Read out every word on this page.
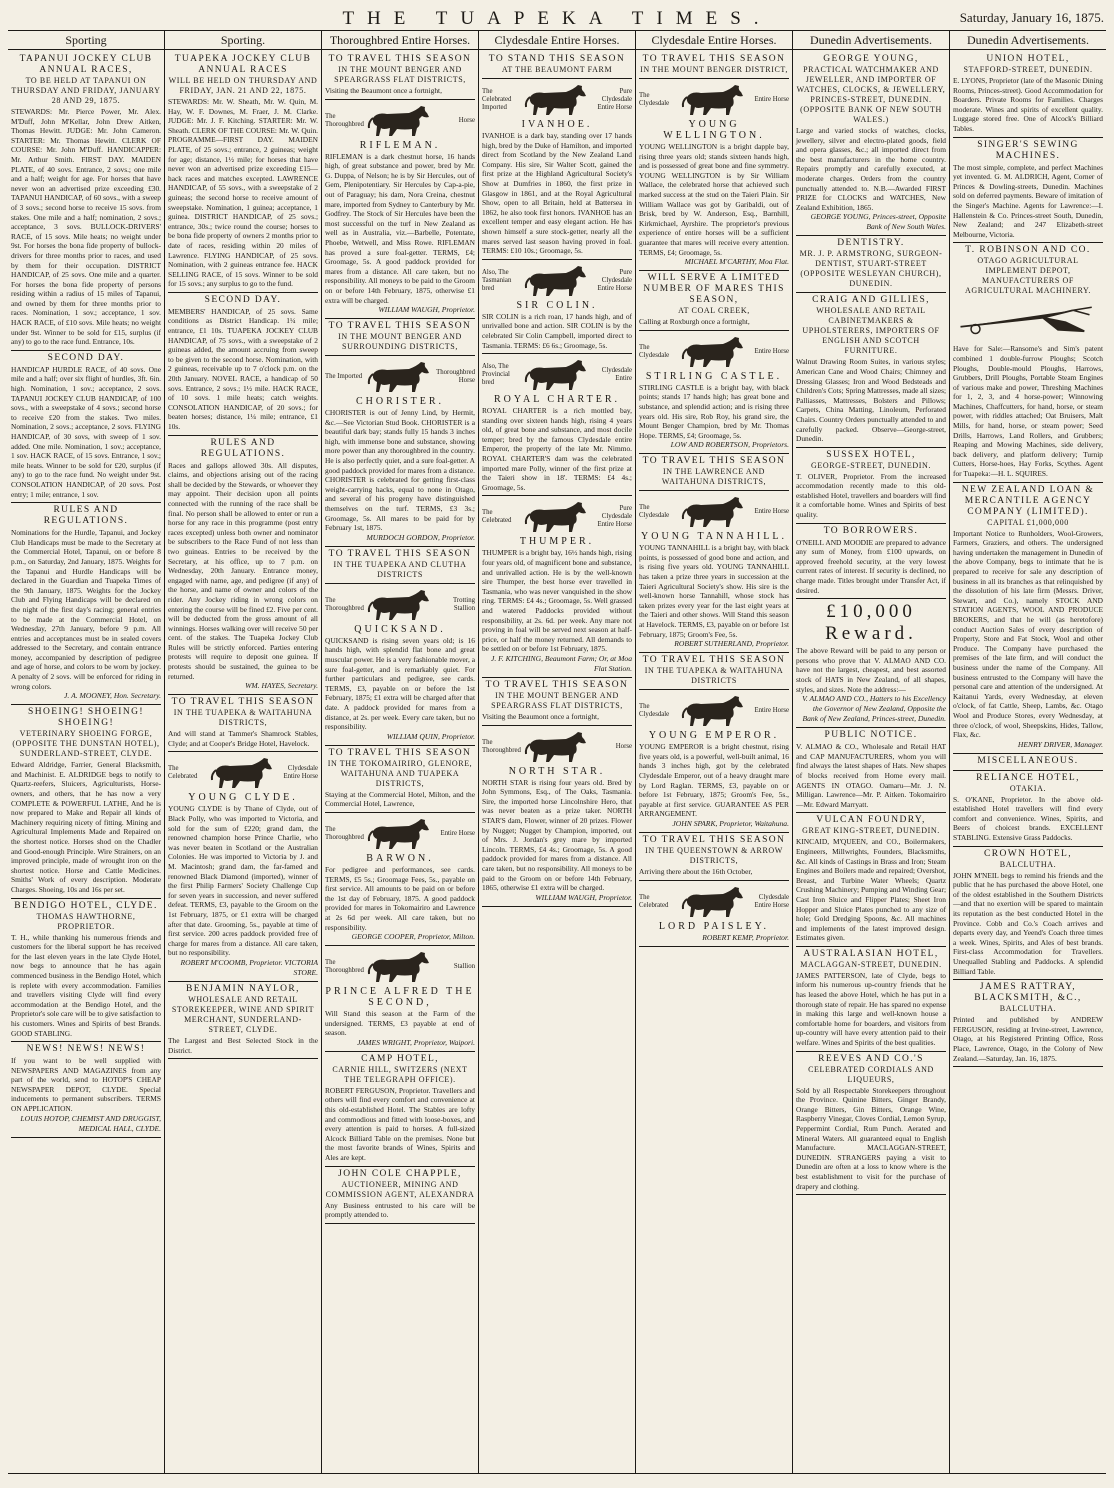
THE TUAPEKA TIMES.	Saturday, January 16, 1875.
Sporting
TAPANUI JOCKEY CLUB ANNUAL RACES,
TO BE HELD AT TAPANUI ON THURSDAY AND FRIDAY, JANUARY 28 AND 29, 1875.
STEWARDS: Mr. Pierce Power, Mr. Alex. M'Duff, John M'Kellar, John Drew Aitken, Thomas Hewitt. JUDGE: Mr. John Cameron. STARTER: Mr. Thomas Hewitt. CLERK OF COURSE: Mr. John M'Duff. HANDICAPPER: Mr. Arthur Smith. FIRST DAY. MAIDEN PLATE, of 40 sovs. Entrance, 2 sovs.; one mile and a half; weight for age. For horses that have never won an advertised prize exceeding £30. TAPANUI HANDICAP, of 60 sovs., with a sweep of 3 sovs.; second horse to receive 15 sovs. from stakes. One mile and a half; nomination, 2 sovs.; acceptance, 3 sovs. BULLOCK-DRIVERS' RACE, of 15 sovs. Mile heats; no weight under 9st. For horses the bona fide property of bullock-drivers for three months prior to races, and used by them for their occupation. DISTRICT HANDICAP, of 25 sovs. One mile and a quarter. For horses the bona fide property of persons residing within a radius of 15 miles of Tapanui, and owned by them for three months prior to races. Nomination, 1 sov.; acceptance, 1 sov. HACK RACE, of £10 sovs. Mile heats; no weight under 9st. Winner to be sold for £15, surplus (if any) to go to the race fund. Entrance, 10s.
SECOND DAY.
HANDICAP HURDLE RACE, of 40 sovs. One mile and a half; over six flight of hurdles, 3ft. 6in. high. Nomination, 1 sov.; acceptance, 2 sovs. TAPANUI JOCKEY CLUB HANDICAP, of 100 sovs., with a sweepstake of 4 sovs.; second horse to receive £20 from the stakes. Two miles. Nomination, 2 sovs.; acceptance, 2 sovs. FLYING HANDICAP, of 30 sovs, with sweep of 1 sov. added. One mile. Nomination, 1 sov.; acceptance, 1 sov. HACK RACE, of 15 sovs. Entrance, 1 sov.; mile heats. Winner to be sold for £20, surplus (if any) to go to the race fund. No weight under 9st. CONSOLATION HANDICAP, of 20 sovs. Post entry; 1 mile; entrance, 1 sov.
RULES AND REGULATIONS.
Nominations for the Hurdle, Tapanui, and Jockey Club Handicaps must be made to the Secretary at the Commercial Hotel, Tapanui, on or before 8 p.m., on Saturday, 2nd January, 1875. Weights for the Tapanui and Hurdle Handicaps will be declared in the Guardian and Tuapeka Times of the 9th January, 1875. Weights for the Jockey Club and Flying Handicaps will be declared on the night of the first day's racing; general entries to be made at the Commercial Hotel, on Wednesday, 27th January, before 9 p.m. All entries and acceptances must be in sealed covers addressed to the Secretary, and contain entrance money, accompanied by description of pedigree and age of horse, and colors to be worn by jockey. A penalty of 2 sovs. will be enforced for riding in wrong colors.
J. A. MOONEY, Hon. Secretary.
SHOEING! SHOEING! SHOEING!
VETERINARY SHOEING FORGE, (OPPOSITE THE DUNSTAN HOTEL), SUNDERLAND-STREET, CLYDE.
Edward Aldridge, Farrier, General Blacksmith, and Machinist. E. ALDRIDGE begs to notify to Quartz-reefers, Sluicers, Agriculturists, Horse-owners, and others, that he has now a very COMPLETE & POWERFUL LATHE, And he is now prepared to Make and Repair all kinds of Machinery requiring nicety of fitting. Mining and Agricultural Implements Made and Repaired on the shortest notice. Horses shod on the Chadler and Good-enough Principle. Wire Strainers, on an improved principle, made of wrought iron on the shortest notice. Horse and Cattle Medicines. Smiths' Work of every description. Moderate Charges. Shoeing, 10s and 16s per set.
BENDIGO HOTEL, CLYDE.
THOMAS HAWTHORNE, PROPRIETOR.
T. H., while thanking his numerous friends and customers for the liberal support he has received for the last eleven years in the late Clyde Hotel, now begs to announce that he has again commenced business in the Bendigo Hotel, which is replete with every accommodation. Families and travellers visiting Clyde will find every accommodation at the Bendigo Hotel, and the Proprietor's sole care will be to give satisfaction to his customers. Wines and Spirits of best Brands. GOOD STABLING.
NEWS! NEWS! NEWS!
If you want to be well supplied with NEWSPAPERS AND MAGAZINES from any part of the world, send to HOTOP'S CHEAP NEWSPAPER DEPOT, CLYDE. Special inducements to permanent subscribers. TERMS ON APPLICATION.
LOUIS HOTOP, CHEMIST AND DRUGGIST, MEDICAL HALL, CLYDE.
Sporting.
TUAPEKA JOCKEY CLUB ANNUAL RACES
WILL BE HELD ON THURSDAY AND FRIDAY, JAN. 21 AND 22, 1875.
STEWARDS: Mr. W. Sheath, Mr. W. Quin, M. Hay, W. F. Downes, M. Fraer, J. M. Clarke. JUDGE: Mr. J. F. Kitching. STARTER: Mr. W. Sheath. CLERK OF THE COURSE: Mr. W. Quin. PROGRAMME—FIRST DAY. MAIDEN PLATE, of 25 sovs.; entrance, 2 guineas; weight for age; distance, 1½ mile; for horses that have never won an advertised prize exceeding £15—hack races and matches excepted. LAWRENCE HANDICAP, of 55 sovs., with a sweepstake of 2 guineas; the second horse to receive amount of sweepstake. Nomination, 1 guinea; acceptance, 1 guinea. DISTRICT HANDICAP, of 25 sovs.; entrance, 30s.; twice round the course; horses to be bona fide property of owners 2 months prior to date of races, residing within 20 miles of Lawrence. FLYING HANDICAP, of 25 sovs. Nomination, with 2 guineas entrance fee. HACK SELLING RACE, of 15 sovs. Winner to be sold for 15 sovs.; any surplus to go to the fund.
SECOND DAY.
MEMBERS' HANDICAP, of 25 sovs. Same conditions as District Handicap. 1¼ mile; entrance, £1 10s. TUAPEKA JOCKEY CLUB HANDICAP, of 75 sovs., with a sweepstake of 2 guineas added, the amount accruing from sweep to be given to the second horse. Nomination, with 2 guineas, receivable up to 7 o'clock p.m. on the 20th January. NOVEL RACE, a handicap of 50 sovs. Entrance, 2 sovs.; 1½ mile. HACK RACE, of 10 sovs. 1 mile heats; catch weights. CONSOLATION HANDICAP, of 20 sovs.; for beaten horses; distance, 1¼ mile; entrance, £1 10s.
RULES AND REGULATIONS.
Races and gallops allowed 30s. All disputes, claims, and objections arising out of the racing shall be decided by the Stewards, or whoever they may appoint. Their decision upon all points connected with the running of the race shall be final. No person shall be allowed to enter or run a horse for any race in this programme (post entry races excepted) unless both owner and nominator be subscribers to the Race Fund of not less than two guineas. Entries to be received by the Secretary, at his office, up to 7 p.m. on Wednesday, 20th January. Entrance money, engaged with name, age, and pedigree (if any) of the horse, and name of owner and colors of the rider. Any Jockey riding in wrong colors on entering the course will be fined £2. Five per cent. will be deducted from the gross amount of all winnings. Horses walking over will receive 50 per cent. of the stakes. The Tuapeka Jockey Club Rules will be strictly enforced. Parties entering protests will require to deposit one guinea. If protests should be sustained, the guinea to be returned.
WM. HAYES, Secretary.
TO TRAVEL THIS SEASON
IN THE TUAPEKA & WAITAHUNA DISTRICTS,
And will stand at Tammer's Shamrock Stables, Clyde; and at Cooper's Bridge Hotel, Havelock.
The Celebrated
Clydesdale Entire Horse
YOUNG CLYDE.
YOUNG CLYDE is by Thane of Clyde, out of Black Polly, who was imported to Victoria, and sold for the sum of £220; grand dam, the renowned champion horse Prince Charlie, who was never beaten in Scotland or the Australian Colonies. He was imported to Victoria by J. and M. Macintosh; grand dam, the far-famed and renowned Black Diamond (imported), winner of the first Philip Farmers' Society Challenge Cup for seven years in succession, and never suffered defeat. TERMS, £3, payable to the Groom on the 1st February, 1875, or £1 extra will be charged after that date. Grooming, 5s., payable at time of first service. 200 acres paddock provided free of charge for mares from a distance. All care taken, but no responsibility.
ROBERT M'COOMB, Proprietor. VICTORIA STORE.
BENJAMIN NAYLOR,
WHOLESALE AND RETAIL STOREKEEPER, WINE AND SPIRIT MERCHANT, SUNDERLAND-STREET, CLYDE.
The Largest and Best Selected Stock in the District.
Thoroughbred Entire Horses.
TO TRAVEL THIS SEASON
IN THE MOUNT BENGER AND SPEARGRASS FLAT DISTRICTS,
Visiting the Beaumont once a fortnight,
The Thoroughbred
Horse
RIFLEMAN.
RIFLEMAN is a dark chestnut horse, 16 hands high, of great substance and power, bred by Mr. G. Duppa, of Nelson; he is by Sir Hercules, out of Gem, Plenipotentiary. Sir Hercules by Cap-a-pie, out of Paraguay; his dam, Nora Creina, chestnut mare, imported from Sydney to Canterbury by Mr. Godfrey. The Stock of Sir Hercules have been the most successful on the turf in New Zealand as well as in Australia, viz.—Barbelle, Potentate, Phoebe, Wetwell, and Miss Rowe. RIFLEMAN has proved a sure foal-getter. TERMS, £4; Groomage, 5s. A good paddock provided for mares from a distance. All care taken, but no responsibility. All moneys to be paid to the Groom on or before 14th February, 1875, otherwise £1 extra will be charged.
WILLIAM WAUGH, Proprietor.
TO TRAVEL THIS SEASON
IN THE MOUNT BENGER AND SURROUNDING DISTRICTS,
The Imported
Thoroughbred Horse
CHORISTER.
CHORISTER is out of Jenny Lind, by Hermit, &c.—See Victorian Stud Book. CHORISTER is a beautiful dark bay; stands fully 15 hands 3 inches high, with immense bone and substance, showing more power than any thoroughbred in the country. He is also perfectly quiet, and a sure foal-getter. A good paddock provided for mares from a distance. CHORISTER is celebrated for getting first-class weight-carrying hacks, equal to none in Otago, and several of his progeny have distinguished themselves on the turf. TERMS, £3 3s.; Groomage, 5s. All mares to be paid for by February 1st, 1875.
MURDOCH GORDON, Proprietor.
TO TRAVEL THIS SEASON
IN THE TUAPEKA AND CLUTHA DISTRICTS
The Thoroughbred
Trotting Stallion
QUICKSAND.
QUICKSAND is rising seven years old; is 16 hands high, with splendid flat bone and great muscular power. He is a very fashionable mover, a sure foal-getter, and is remarkably quiet. For further particulars and pedigree, see cards. TERMS, £3, payable on or before the 1st February, 1875; £1 extra will be charged after that date. A paddock provided for mares from a distance, at 2s. per week. Every care taken, but no responsibility.
WILLIAM QUIN, Proprietor.
TO TRAVEL THIS SEASON
IN THE TOKOMAIRIRO, GLENORE, WAITAHUNA AND TUAPEKA DISTRICTS,
Staying at the Commercial Hotel, Milton, and the Commercial Hotel, Lawrence,
The Thoroughbred
Entire Horse
BARWON.
For pedigree and performances, see cards. TERMS, £5 5s.; Groomage Fees, 5s., payable on first service. All amounts to be paid on or before the 1st day of February, 1875. A good paddock provided for mares in Tokomairiro and Lawrence at 2s 6d per week. All care taken, but no responsibility.
GEORGE COOPER, Proprietor, Milton.
The Thoroughbred
Stallion
PRINCE ALFRED THE SECOND,
Will Stand this season at the Farm of the undersigned. TERMS, £3 payable at end of season.
JAMES WRIGHT, Proprietor, Waipori.
CAMP HOTEL,
CARNIE HILL, SWITZERS (NEXT THE TELEGRAPH OFFICE).
ROBERT FERGUSON, Proprietor. Travellers and others will find every comfort and convenience at this old-established Hotel. The Stables are lofty and commodious and fitted with loose-boxes, and every attention is paid to horses. A full-sized Alcock Billiard Table on the premises. None but the most favorite brands of Wines, Spirits and Ales are kept.
JOHN COLE CHAPPLE,
AUCTIONEER, MINING AND COMMISSION AGENT, ALEXANDRA
Any Business entrusted to his care will be promptly attended to.
Clydesdale Entire Horses.
TO STAND THIS SEASON
AT THE BEAUMONT FARM
The Celebrated Imported
Pure Clydesdale Entire Horse
IVANHOE.
IVANHOE is a dark bay, standing over 17 hands high, bred by the Duke of Hamilton, and imported direct from Scotland by the New Zealand Land Company. His sire, Sir Walter Scott, gained the first prize at the Highland Agricultural Society's Show at Dumfries in 1860, the first prize in Glasgow in 1861, and at the Royal Agricultural Show, open to all Britain, held at Battersea in 1862, he also took first honors. IVANHOE has an excellent temper and easy elegant action. He has shown himself a sure stock-getter, nearly all the mares served last season having proved in foal. TERMS: £10 10s.; Groomage, 5s.
Also, The Tasmanian bred
Pure Clydesdale Entire Horse
SIR COLIN.
SIR COLIN is a rich roan, 17 hands high, and of unrivalled bone and action. SIR COLIN is by the celebrated Sir Colin Campbell, imported direct to Tasmania. TERMS: £6 6s.; Groomage, 5s.
Also, The Provincial bred
Clydesdale Entire
ROYAL CHARTER.
ROYAL CHARTER is a rich mottled bay, standing over sixteen hands high, rising 4 years old, of great bone and substance, and most docile temper; bred by the famous Clydesdale entire Emperor, the property of the late Mr. Nimmo. ROYAL CHARTER'S dam was the celebrated imported mare Polly, winner of the first prize at the Taieri show in 18'. TERMS: £4 4s.; Groomage, 5s.
The Celebrated
Pure Clydesdale Entire Horse
THUMPER.
THUMPER is a bright bay, 16½ hands high, rising four years old, of magnificent bone and substance, and unrivalled action. He is by the well-known sire Thumper, the best horse ever travelled in Tasmania, who was never vanquished in the show ring. TERMS: £4 4s.; Groomage, 5s. Well grassed and watered Paddocks provided without responsibility, at 2s. 6d. per week. Any mare not proving in foal will be served next season at half-price, or half the money returned. All demands to be settled on or before 1st February, 1875.
J. F. KITCHING, Beaumont Farm; Or, at Moa Flat Station.
TO TRAVEL THIS SEASON
IN THE MOUNT BENGER AND SPEARGRASS FLAT DISTRICTS,
Visiting the Beaumont once a fortnight,
The Thoroughbred
Horse
NORTH STAR.
NORTH STAR is rising four years old. Bred by John Symmons, Esq., of The Oaks, Tasmania. Sire, the imported horse Lincolnshire Hero, that was never beaten as a prize taker. NORTH STAR'S dam, Flower, winner of 20 prizes. Flower by Nugget; Nugget by Champion, imported, out of Mrs. J. Jordan's grey mare by imported Lincoln. TERMS, £4 4s.; Groomage, 5s. A good paddock provided for mares from a distance. All care taken, but no responsibility. All moneys to be paid to the Groom on or before 14th February, 1865, otherwise £1 extra will be charged.
WILLIAM WAUGH, Proprietor.
Clydesdale Entire Horses.
TO TRAVEL THIS SEASON
IN THE MOUNT BENGER DISTRICT,
The Clydesdale
Entire Horse
YOUNG WELLINGTON.
YOUNG WELLINGTON is a bright dapple bay, rising three years old; stands sixteen hands high, and is possessed of great bone and fine symmetry. YOUNG WELLINGTON is by Sir William Wallace, the celebrated horse that achieved such marked success at the stud on the Taieri Plain. Sir William Wallace was got by Garibaldi, out of Brisk, bred by W. Anderson, Esq., Barnhill, Kirkmichael, Ayrshire. The proprietor's previous experience of entire horses will be a sufficient guarantee that mares will receive every attention. TERMS, £4; Groomage, 5s.
MICHAEL M'CARTHY, Moa Flat.
WILL SERVE A LIMITED NUMBER OF MARES THIS SEASON,
AT COAL CREEK,
Calling at Roxburgh once a fortnight,
The Clydesdale
Entire Horse
STIRLING CASTLE.
STIRLING CASTLE is a bright bay, with black points; stands 17 hands high; has great bone and substance, and splendid action; and is rising three years old. His sire, Rob Roy, his grand sire, the Mount Benger Champion, bred by Mr. Thomas Hope. TERMS, £4; Groomage, 5s.
LOW AND ROBERTSON, Proprietors.
TO TRAVEL THIS SEASON
IN THE LAWRENCE AND WAITAHUNA DISTRICTS,
The Clydesdale
Entire Horse
YOUNG TANNAHILL.
YOUNG TANNAHILL is a bright bay, with black points, is possessed of good bone and action, and is rising five years old. YOUNG TANNAHILL has taken a prize three years in succession at the Taieri Agricultural Society's show. His sire is the well-known horse Tannahill, whose stock has taken prizes every year for the last eight years at the Taieri and other shows. Will Stand this season at Havelock. TERMS, £3, payable on or before 1st February, 1875; Groom's Fee, 5s.
ROBERT SUTHERLAND, Proprietor.
TO TRAVEL THIS SEASON
IN THE TUAPEKA & WAITAHUNA DISTRICTS
The Clydesdale
Entire Horse
YOUNG EMPEROR.
YOUNG EMPEROR is a bright chestnut, rising five years old, is a powerful, well-built animal, 16 hands 3 inches high, got by the celebrated Clydesdale Emperor, out of a heavy draught mare by Lord Raglan. TERMS, £3, payable on or before 1st February, 1875; Groom's Fee, 5s., payable at first service. GUARANTEE AS PER ARRANGEMENT.
JOHN SPARK, Proprietor, Waitahuna.
TO TRAVEL THIS SEASON
IN THE QUEENSTOWN & ARROW DISTRICTS,
Arriving there about the 16th October,
The Celebrated
Clydesdale Entire Horse
LORD PAISLEY.
ROBERT KEMP, Proprietor.
Dunedin Advertisements.
GEORGE YOUNG,
PRACTICAL WATCHMAKER AND JEWELLER, AND IMPORTER OF WATCHES, CLOCKS, & JEWELLERY, PRINCES-STREET, DUNEDIN. (OPPOSITE BANK OF NEW SOUTH WALES.)
Large and varied stocks of watches, clocks, jewellery, silver and electro-plated goods, field and opera glasses, &c.; all imported direct from the best manufacturers in the home country. Repairs promptly and carefully executed, at moderate charges. Orders from the country punctually attended to. N.B.—Awarded FIRST PRIZE for CLOCKS and WATCHES, New Zealand Exhibition, 1865.
GEORGE YOUNG, Princes-street, Opposite Bank of New South Wales.
DENTISTRY.
MR. J. P. ARMSTRONG, SURGEON-DENTIST, STUART-STREET (OPPOSITE WESLEYAN CHURCH), DUNEDIN.
CRAIG AND GILLIES,
WHOLESALE AND RETAIL CABINETMAKERS & UPHOLSTERERS, IMPORTERS OF ENGLISH AND SCOTCH FURNITURE.
Walnut Drawing Room Suites, in various styles; American Cane and Wood Chairs; Chimney and Dressing Glasses; Iron and Wood Bedsteads and Children's Cots; Spring Mattresses, made all sizes; Palliasses, Mattresses, Bolsters and Pillows; Carpets, China Matting, Linoleum, Perforated Chairs. Country Orders punctually attended to and carefully packed. Observe—George-street, Dunedin.
SUSSEX HOTEL,
GEORGE-STREET, DUNEDIN.
T. OLIVER, Proprietor. From the increased accommodation recently made to this old-established Hotel, travellers and boarders will find it a comfortable home. Wines and Spirits of best quality.
TO BORROWERS.
O'NEILL AND MOODIE are prepared to advance any sum of Money, from £100 upwards, on approved freehold security, at the very lowest current rates of interest. If security is declined, no charge made. Titles brought under Transfer Act, if desired.
£10,000 Reward.
The above Reward will be paid to any person or persons who prove that V. ALMAO AND CO. have not the largest, cheapest, and best assorted stock of HATS in New Zealand, of all shapes, styles, and sizes. Note the address:—
V. ALMAO AND CO., Hatters to his Excellency the Governor of New Zealand, Opposite the Bank of New Zealand, Princes-street, Dunedin.
PUBLIC NOTICE.
V. ALMAO & CO., Wholesale and Retail HAT and CAP MANUFACTURERS, whom you will find always the latest shapes of Hats. New shapes of blocks received from Home every mail. AGENTS IN OTAGO. Oamaru—Mr. J. N. Milligan. Lawrence—Mr. P. Aitken. Tokomairiro—Mr. Edward Marryatt.
VULCAN FOUNDRY,
GREAT KING-STREET, DUNEDIN.
KINCAID, M'QUEEN, and CO., Boilermakers, Engineers, Millwrights, Founders, Blacksmiths, &c. All kinds of Castings in Brass and Iron; Steam Engines and Boilers made and repaired; Overshot, Breast, and Turbine Water Wheels; Quartz Crushing Machinery; Pumping and Winding Gear; Cast Iron Sluice and Flipper Plates; Sheet Iron Hopper and Sluice Plates punched to any size of hole; Gold Dredging Spoons, &c. All machines and implements of the latest improved design. Estimates given.
AUSTRALASIAN HOTEL,
MACLAGGAN-STREET, DUNEDIN.
JAMES PATTERSON, late of Clyde, begs to inform his numerous up-country friends that he has leased the above Hotel, which he has put in a thorough state of repair. He has spared no expense in making this large and well-known house a comfortable home for boarders, and visitors from up-country will have every attention paid to their welfare. Wines and Spirits of the best qualities.
REEVES AND CO.'S
CELEBRATED CORDIALS AND LIQUEURS,
Sold by all Respectable Storekeepers throughout the Province. Quinine Bitters, Ginger Brandy, Orange Bitters, Gin Bitters, Orange Wine, Raspberry Vinegar, Cloves Cordial, Lemon Syrup, Peppermint Cordial, Rum Punch. Aerated and Mineral Waters. All guaranteed equal to English Manufacture. MACLAGGAN-STREET, DUNEDIN. STRANGERS paying a visit to Dunedin are often at a loss to know where is the best establishment to visit for the purchase of drapery and clothing.
Dunedin Advertisements.
UNION HOTEL,
STAFFORD-STREET, DUNEDIN.
E. LYONS, Proprietor (late of the Masonic Dining Rooms, Princes-street). Good Accommodation for Boarders. Private Rooms for Families. Charges moderate. Wines and spirits of excellent quality. Luggage stored free. One of Alcock's Billiard Tables.
SINGER'S SEWING MACHINES.
The most simple, complete, and perfect Machines yet invented. G. M. ALDRICH, Agent, Corner of Princes & Dowling-streets, Dunedin. Machines sold on deferred payments. Beware of imitation of the Singer's Machine. Agents for Lawrence:—I. Hallenstein & Co. Princes-street South, Dunedin, New Zealand; and 247 Elizabeth-street Melbourne, Victoria.
T. ROBINSON AND CO.
OTAGO AGRICULTURAL IMPLEMENT DEPOT, MANUFACTURERS OF AGRICULTURAL MACHINERY.
Have for Sale:—Ransome's and Sim's patent combined 1 double-furrow Ploughs; Scotch Ploughs, Double-mould Ploughs, Harrows, Grubbers, Drill Ploughs, Portable Steam Engines of various make and power, Threshing Machines for 1, 2, 3, and 4 horse-power; Winnowing Machines, Chaffcutters, for hand, horse, or steam power, with riddles attached; Oat Bruisers, Malt Mills, for hand, horse, or steam power; Seed Drills, Harrows, Land Rollers, and Grubbers; Reaping and Mowing Machines, side delivery, back delivery, and platform delivery; Turnip Cutters, Horse-hoes, Hay Forks, Scythes. Agent for Tuapeka:—H. L. SQUIRES.
NEW ZEALAND LOAN & MERCANTILE AGENCY COMPANY (LIMITED).
CAPITAL £1,000,000
Important Notice to Runholders, Wool-Growers, Farmers, Graziers, and others. The undersigned having undertaken the management in Dunedin of the above Company, begs to intimate that he is prepared to receive for sale any description of business in all its branches as that relinquished by the dissolution of his late firm (Messrs. Driver, Stewart, and Co.), namely STOCK AND STATION AGENTS, WOOL AND PRODUCE BROKERS, and that he will (as heretofore) conduct Auction Sales of every description of Property, Store and Fat Stock, Wool and other Produce. The Company have purchased the premises of the late firm, and will conduct the business under the name of the Company. All business entrusted to the Company will have the personal care and attention of the undersigned. At Kaitanui Yards, every Wednesday, at eleven o'clock, of fat Cattle, Sheep, Lambs, &c. Otago Wool and Produce Stores, every Wednesday, at three o'clock, of wool, Sheepskins, Hides, Tallow, Flax, &c.
HENRY DRIVER, Manager.
MISCELLANEOUS.
RELIANCE HOTEL,
OTAKIA.
S. O'KANE, Proprietor. In the above old-established Hotel travellers will find every comfort and convenience. Wines, Spirits, and Beers of choicest brands. EXCELLENT STABLING. Extensive Grass Paddocks.
CROWN HOTEL,
BALCLUTHA.
JOHN M'NEIL begs to remind his friends and the public that he has purchased the above Hotel, one of the oldest established in the Southern Districts—and that no exertion will be spared to maintain its reputation as the best conducted Hotel in the Province. Cobb and Co.'s Coach arrives and departs every day, and Yeend's Coach three times a week. Wines, Spirits, and Ales of best brands. First-class Accommodation for Travellers. Unequalled Stabling and Paddocks. A splendid Billiard Table.
JAMES RATTRAY, BLACKSMITH, &C.,
BALCLUTHA.
Printed and published by ANDREW FERGUSON, residing at Irvine-street, Lawrence, Otago, at his Registered Printing Office, Ross Place, Lawrence, Otago, in the Colony of New Zealand.—Saturday, Jan. 16, 1875.
